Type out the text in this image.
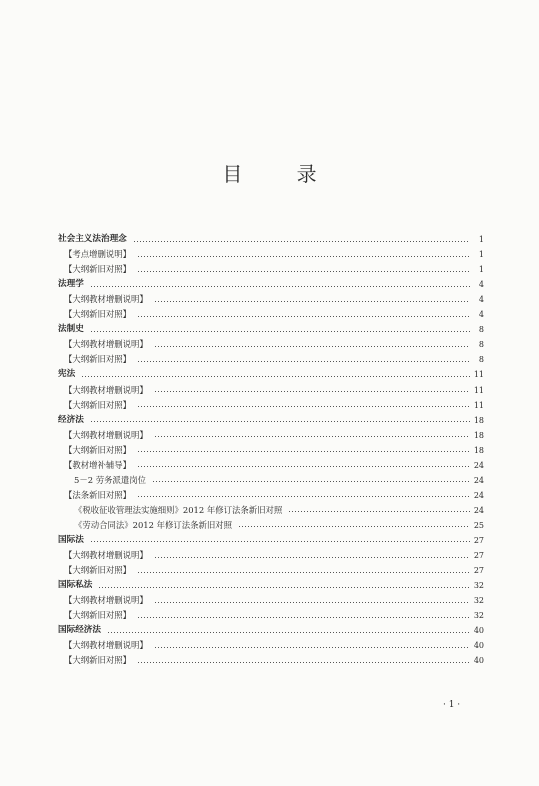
目 录
社会主义法治理念	1
【考点增删说明】	1
【大纲新旧对照】	1
法理学	4
【大纲教材增删说明】	4
【大纲新旧对照】	4
法制史	8
【大纲教材增删说明】	8
【大纲新旧对照】	8
宪法	11
【大纲教材增删说明】	11
【大纲新旧对照】	11
经济法	18
【大纲教材增删说明】	18
【大纲新旧对照】	18
【教材增补辅导】	24
5－2 劳务派遣岗位	24
【法条新旧对照】	24
《税收征收管理法实施细则》2012 年修订法条新旧对照	24
《劳动合同法》2012 年修订法条新旧对照	25
国际法	27
【大纲教材增删说明】	27
【大纲新旧对照】	27
国际私法	32
【大纲教材增删说明】	32
【大纲新旧对照】	32
国际经济法	40
【大纲教材增删说明】	40
【大纲新旧对照】	40
· 1 ·
